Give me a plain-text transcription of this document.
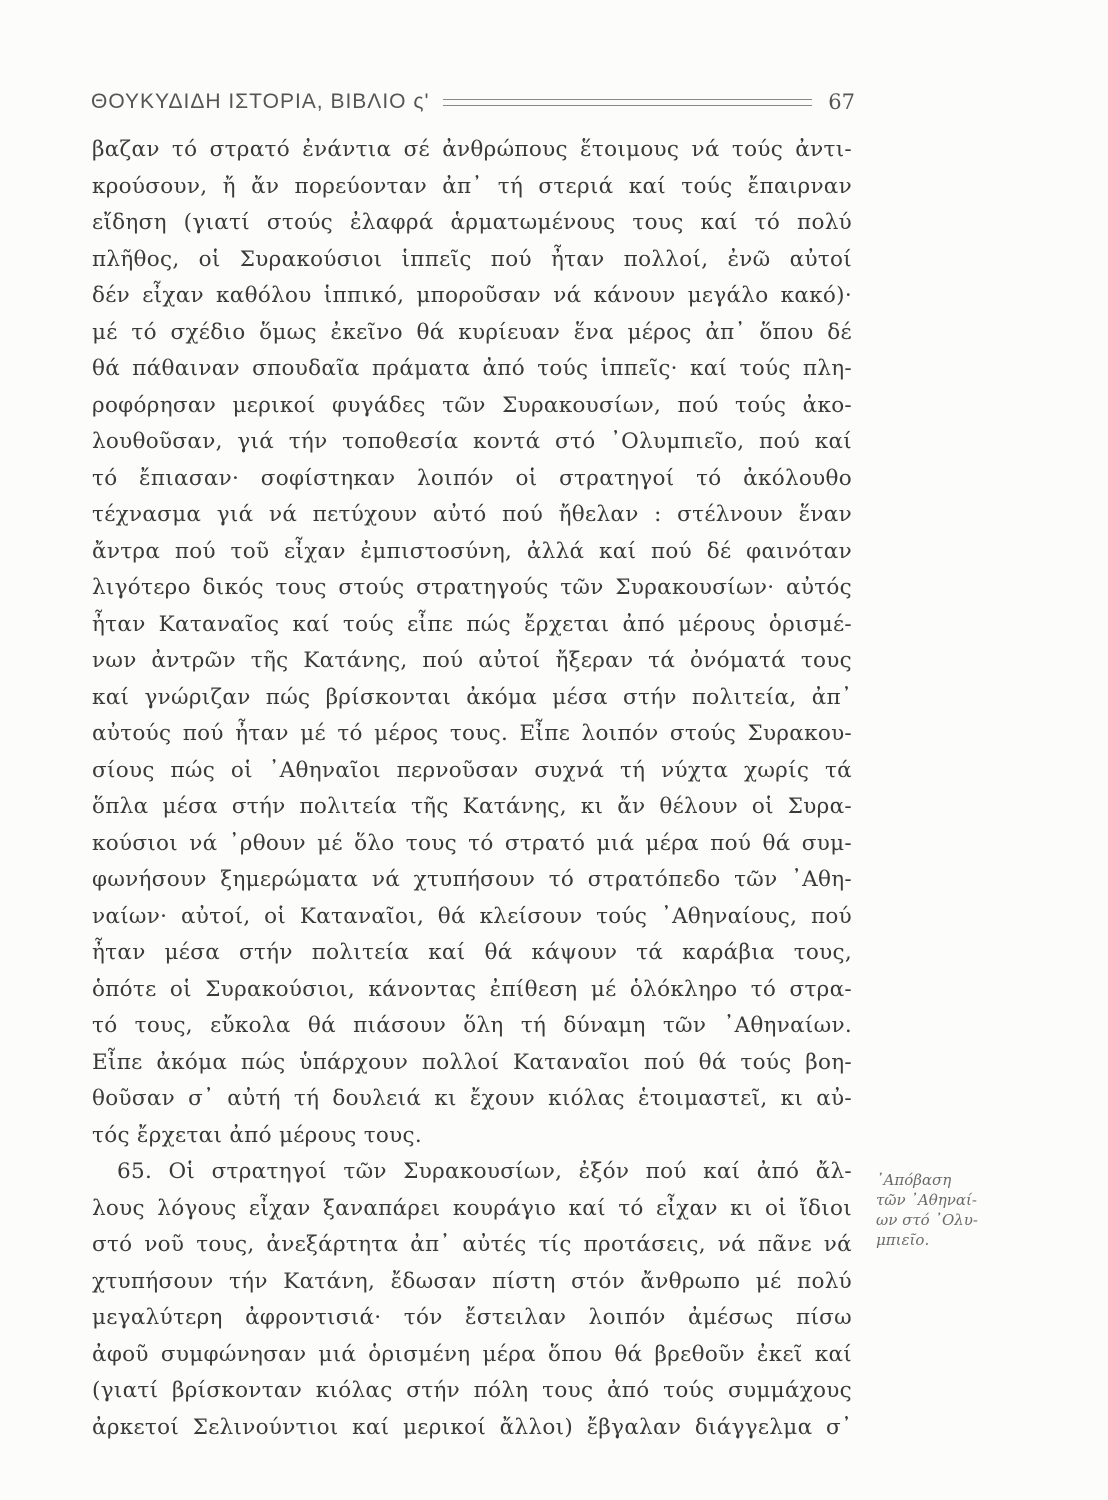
ΘΟΥΚΥΔΙΔΗ ΙΣΤΟΡΙΑ, ΒΙΒΛΙΟ ς'	67
βαζαν τό στρατό ἐνάντια σέ ἀνθρώπους ἕτοιμους νά τούς ἀντι-
κρούσουν, ἤ ἄν πορεύονταν ἀπ᾿ τή στεριά καί τούς ἔπαιρναν
εἴδηση (γιατί στούς ἐλαφρά ἁρματωμένους τους καί τό πολύ
πλῆθος, οἱ Συρακούσιοι ἱππεῖς πού ἦταν πολλοί, ἐνῶ αὐτοί
δέν εἶχαν καθόλου ἱππικό, μποροῦσαν νά κάνουν μεγάλο κακό)·
μέ τό σχέδιο ὅμως ἐκεῖνο θά κυρίευαν ἕνα μέρος ἀπ᾿ ὅπου δέ
θά πάθαιναν σπουδαῖα πράματα ἀπό τούς ἱππεῖς· καί τούς πλη-
ροφόρησαν μερικοί φυγάδες τῶν Συρακουσίων, πού τούς ἀκο-
λουθοῦσαν, γιά τήν τοποθεσία κοντά στό ᾿Ολυμπιεῖο, πού καί
τό ἔπιασαν· σοφίστηκαν λοιπόν οἱ στρατηγοί τό ἀκόλουθο
τέχνασμα γιά νά πετύχουν αὐτό πού ἤθελαν : στέλνουν ἕναν
ἄντρα πού τοῦ εἶχαν ἐμπιστοσύνη, ἀλλά καί πού δέ φαινόταν
λιγότερο δικός τους στούς στρατηγούς τῶν Συρακουσίων· αὐτός
ἦταν Καταναῖος καί τούς εἶπε πώς ἔρχεται ἀπό μέρους ὁρισμέ-
νων ἀντρῶν τῆς Κατάνης, πού αὐτοί ἤξεραν τά ὀνόματά τους
καί γνώριζαν πώς βρίσκονται ἀκόμα μέσα στήν πολιτεία, ἀπ᾿
αὐτούς πού ἦταν μέ τό μέρος τους. Εἶπε λοιπόν στούς Συρακου-
σίους πώς οἱ ᾿Αθηναῖοι περνοῦσαν συχνά τή νύχτα χωρίς τά
ὅπλα μέσα στήν πολιτεία τῆς Κατάνης, κι ἄν θέλουν οἱ Συρα-
κούσιοι νά ᾿ρθουν μέ ὅλο τους τό στρατό μιά μέρα πού θά συμ-
φωνήσουν ξημερώματα νά χτυπήσουν τό στρατόπεδο τῶν ᾿Αθη-
ναίων· αὐτοί, οἱ Καταναῖοι, θά κλείσουν τούς ᾿Αθηναίους, πού
ἦταν μέσα στήν πολιτεία καί θά κάψουν τά καράβια τους,
ὁπότε οἱ Συρακούσιοι, κάνοντας ἐπίθεση μέ ὁλόκληρο τό στρα-
τό τους, εὔκολα θά πιάσουν ὅλη τή δύναμη τῶν ᾿Αθηναίων.
Εἶπε ἀκόμα πώς ὑπάρχουν πολλοί Καταναῖοι πού θά τούς βοη-
θοῦσαν σ᾿ αὐτή τή δουλειά κι ἔχουν κιόλας ἑτοιμαστεῖ, κι αὐ-
τός ἔρχεται ἀπό μέρους τους.
65. Οἱ στρατηγοί τῶν Συρακουσίων, ἐξόν πού καί ἀπό ἄλ-
λους λόγους εἶχαν ξαναπάρει κουράγιο καί τό εἶχαν κι οἱ ἴδιοι
στό νοῦ τους, ἀνεξάρτητα ἀπ᾿ αὐτές τίς προτάσεις, νά πᾶνε νά
χτυπήσουν τήν Κατάνη, ἔδωσαν πίστη στόν ἄνθρωπο μέ πολύ
μεγαλύτερη ἀφροντισιά· τόν ἔστειλαν λοιπόν ἀμέσως πίσω
ἀφοῦ συμφώνησαν μιά ὁρισμένη μέρα ὅπου θά βρεθοῦν ἐκεῖ καί
(γιατί βρίσκονταν κιόλας στήν πόλη τους ἀπό τούς συμμάχους
ἀρκετοί Σελινούντιοι καί μερικοί ἄλλοι) ἔβγαλαν διάγγελμα σ᾿
᾿Απόβαση
τῶν ᾿Αθηναί-
ων στό ᾿Ολυ-
μπιεῖο.
